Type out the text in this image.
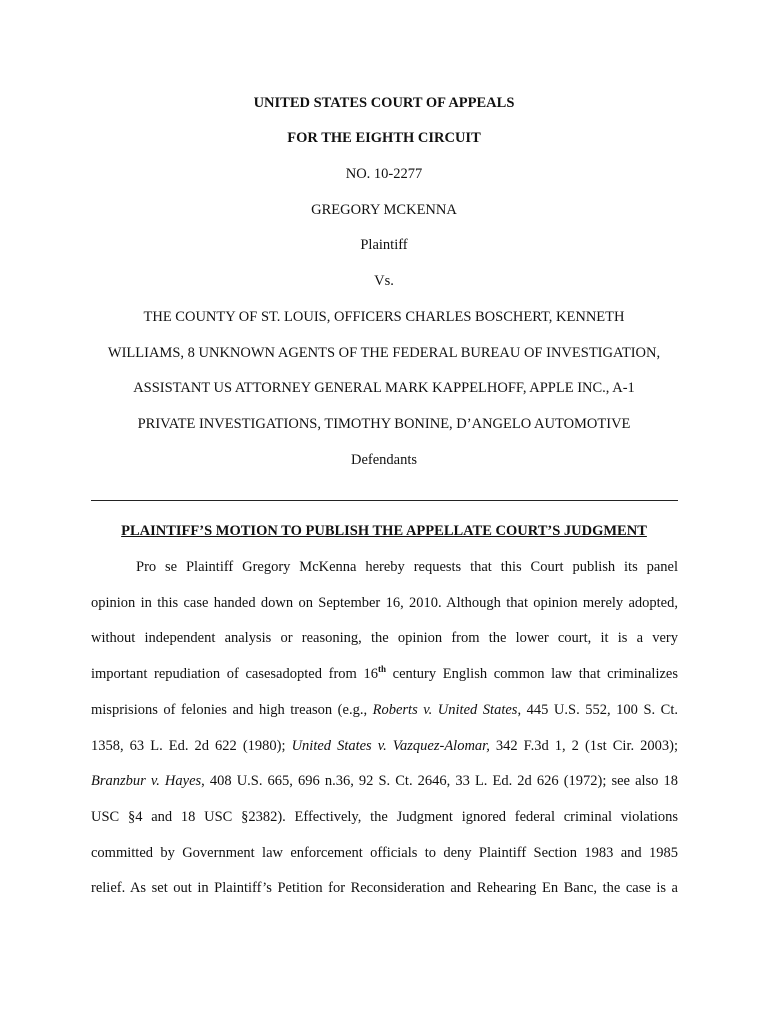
UNITED STATES COURT OF APPEALS
FOR THE EIGHTH CIRCUIT
NO. 10-2277
GREGORY MCKENNA
Plaintiff
Vs.
THE COUNTY OF ST. LOUIS, OFFICERS CHARLES BOSCHERT, KENNETH
WILLIAMS, 8 UNKNOWN AGENTS OF THE FEDERAL BUREAU OF INVESTIGATION,
ASSISTANT US ATTORNEY GENERAL MARK KAPPELHOFF, APPLE INC., A-1
PRIVATE INVESTIGATIONS, TIMOTHY BONINE, D’ANGELO AUTOMOTIVE
Defendants
PLAINTIFF’S MOTION TO PUBLISH THE APPELLATE COURT’S JUDGMENT
Pro se Plaintiff Gregory McKenna hereby requests that this Court publish its panel
opinion in this case handed down on September 16, 2010. Although that opinion merely adopted,
without independent analysis or reasoning, the opinion from the lower court, it is a very
important repudiation of casesadopted from 16th century English common law that criminalizes
misprisions of felonies and high treason (e.g., Roberts v. United States, 445 U.S. 552, 100 S. Ct.
1358, 63 L. Ed. 2d 622 (1980); United States v. Vazquez-Alomar, 342 F.3d 1, 2 (1st Cir. 2003);
Branzbur v. Hayes, 408 U.S. 665, 696 n.36, 92 S. Ct. 2646, 33 L. Ed. 2d 626 (1972); see also 18
USC §4 and 18 USC §2382). Effectively, the Judgment ignored federal criminal violations
committed by Government law enforcement officials to deny Plaintiff Section 1983 and 1985
relief. As set out in Plaintiff’s Petition for Reconsideration and Rehearing En Banc, the case is a
